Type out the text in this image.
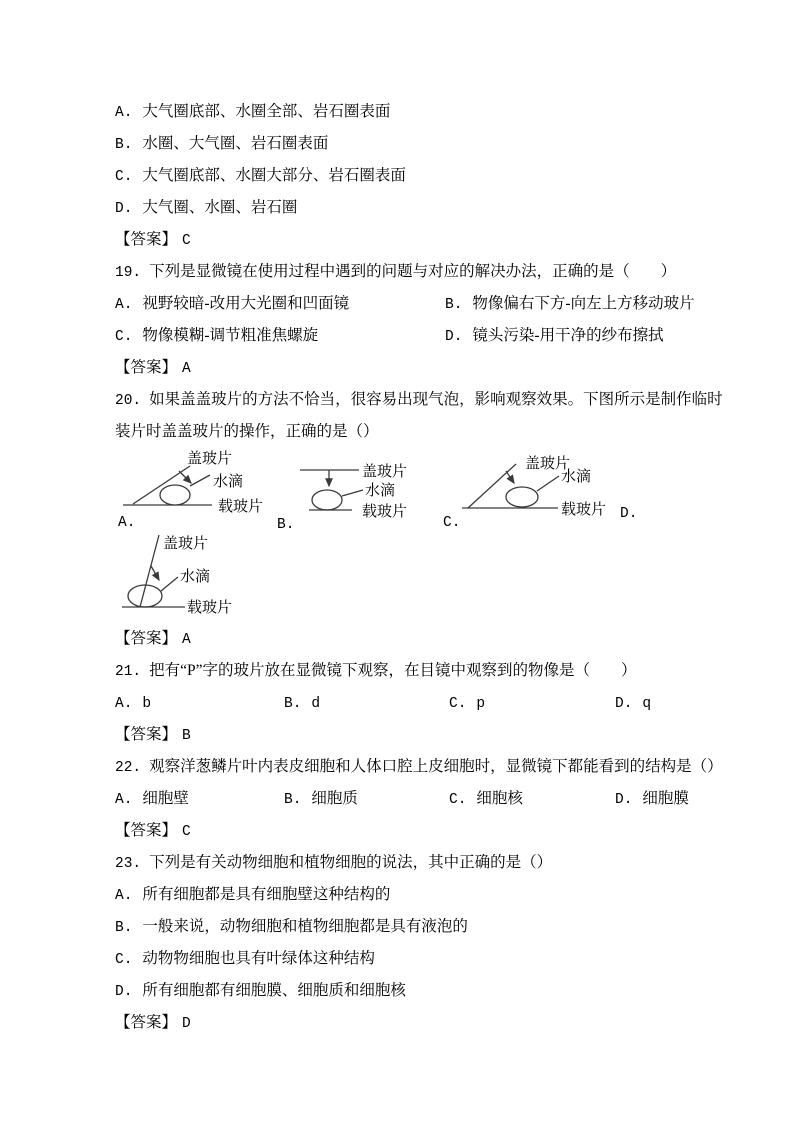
A. 大气圈底部、水圈全部、岩石圈表面
B. 水圈、大气圈、岩石圈表面
C. 大气圈底部、水圈大部分、岩石圈表面
D. 大气圈、水圈、岩石圈
【答案】 C
19. 下列是显微镜在使用过程中遇到的问题与对应的解决办法，正确的是（　　）
A. 视野较暗-改用大光圈和凹面镜	B. 物像偏右下方-向左上方移动玻片
C. 物像模糊-调节粗准焦螺旋	D. 镜头污染-用干净的纱布擦拭
【答案】 A
20. 如果盖盖玻片的方法不恰当，很容易出现气泡，影响观察效果。下图所示是制作临时
装片时盖盖玻片的操作，正确的是（）
盖玻片
水滴
载玻片
A.
盖玻片
水滴
载玻片
B.
盖玻片
水滴
载玻片
C.
D.
盖玻片
水滴
载玻片
【答案】 A
21. 把有“P”字的玻片放在显微镜下观察，在目镜中观察到的物像是（　　）
A. b	B. d	C. p	D. q
【答案】 B
22. 观察洋葱鳞片叶内表皮细胞和人体口腔上皮细胞时，显微镜下都能看到的结构是（）
A. 细胞壁	B. 细胞质	C. 细胞核	D. 细胞膜
【答案】 C
23. 下列是有关动物细胞和植物细胞的说法，其中正确的是（）
A. 所有细胞都是具有细胞壁这种结构的
B. 一般来说，动物细胞和植物细胞都是具有液泡的
C. 动物物细胞也具有叶绿体这种结构
D. 所有细胞都有细胞膜、细胞质和细胞核
【答案】 D
